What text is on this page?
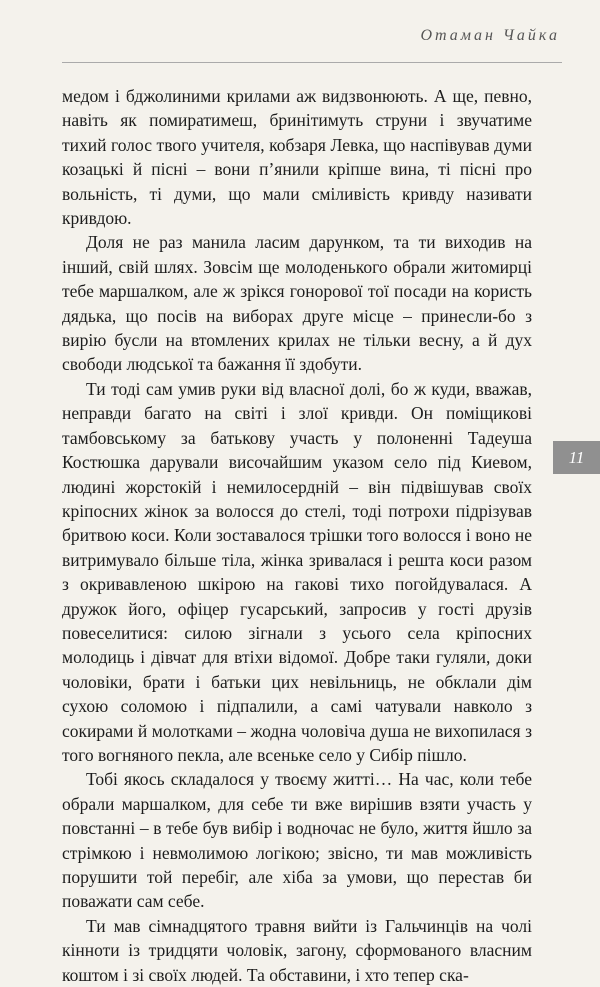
Отаман Чайка
11

медом і бджолиними крилами аж видзвонюють. А ще, певно, навіть як помиратимеш, бринітимуть струни і звучатиме тихий голос твого учителя, кобзаря Левка, що наспівував думи козацькі й пісні – вони п’янили кріпше вина, ті пісні про вольність, ті думи, що мали сміливість кривду називати кривдою.

Доля не раз манила ласим дарунком, та ти виходив на інший, свій шлях. Зовсім ще молоденького обрали житомирці тебе маршалком, але ж зрікся гонорової тої посади на користь дядька, що посів на виборах друге місце – принесли-бо з вирію бусли на втомлених крилах не тільки весну, а й дух свободи людської та бажання її здобути.

Ти тоді сам умив руки від власної долі, бо ж куди, вважав, неправди багато на світі і злої кривди. Он поміщикові тамбовському за батькову участь у полоненні Тадеуша Костюшка дарували височайшим указом село під Киевом, людині жорстокій і немилосердній – він підвішував своїх кріпосних жінок за волосся до стелі, тоді потрохи підрізував бритвою коси. Коли зоставалося трішки того волосся і воно не витримувало більше тіла, жінка зривалася і решта коси разом з окривавленою шкірою на гакові тихо погойдувалася. А дружок його, офіцер гусарський, запросив у гості друзів повеселитися: силою зігнали з усього села кріпосних молодиць і дівчат для втіхи відомої. Добре таки гуляли, доки чоловіки, брати і батьки цих невільниць, не обклали дім сухою соломою і підпалили, а самі чатували навколо з сокирами й молотками – жодна чоловіча душа не вихопилася з того вогняного пекла, але всеньке село у Сибір пішло.

Тобі якось складалося у твоєму житті… На час, коли тебе обрали маршалком, для себе ти вже вирішив взяти участь у повстанні – в тебе був вибір і водночас не було, життя йшло за стрімкою і невмолимою логікою; звісно, ти мав можливість порушити той перебіг, але хіба за умови, що перестав би поважати сам себе.

Ти мав сімнадцятого травня вийти із Гальчинців на чолі кінноти із тридцяти чоловік, загону, сформованого власним коштом і зі своїх людей. Та обставини, і хто тепер ска-
